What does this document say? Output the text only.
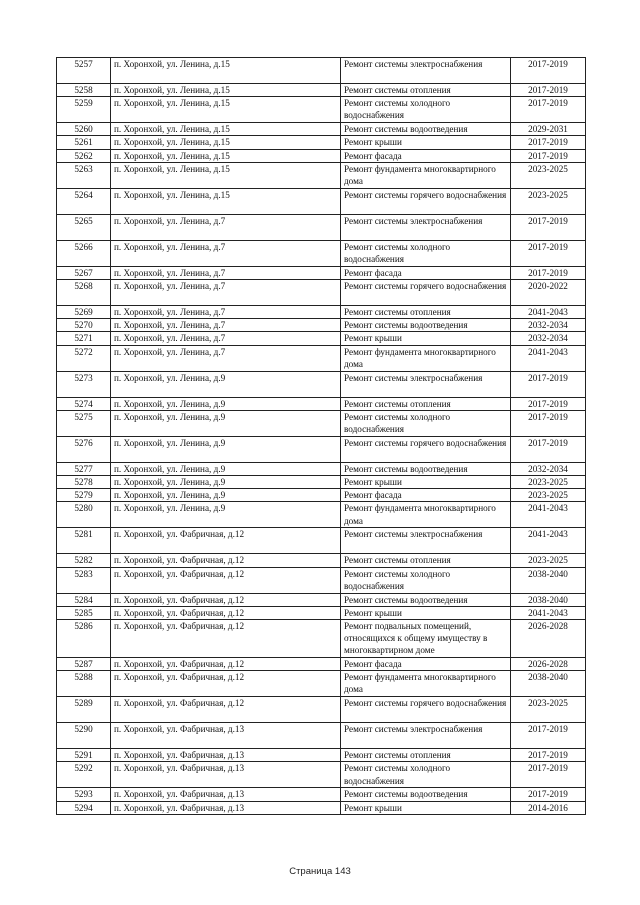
5257	п. Хоронхой, ул. Ленина, д.15	Ремонт системы электроснабжения	2017-2019
5258	п. Хоронхой, ул. Ленина, д.15	Ремонт системы отопления	2017-2019
5259	п. Хоронхой, ул. Ленина, д.15	Ремонт системы холодного водоснабжения	2017-2019
5260	п. Хоронхой, ул. Ленина, д.15	Ремонт системы водоотведения	2029-2031
5261	п. Хоронхой, ул. Ленина, д.15	Ремонт крыши	2017-2019
5262	п. Хоронхой, ул. Ленина, д.15	Ремонт фасада	2017-2019
5263	п. Хоронхой, ул. Ленина, д.15	Ремонт фундамента многоквартирного дома	2023-2025
5264	п. Хоронхой, ул. Ленина, д.15	Ремонт системы горячего водоснабжения	2023-2025
5265	п. Хоронхой, ул. Ленина, д.7	Ремонт системы электроснабжения	2017-2019
5266	п. Хоронхой, ул. Ленина, д.7	Ремонт системы холодного водоснабжения	2017-2019
5267	п. Хоронхой, ул. Ленина, д.7	Ремонт фасада	2017-2019
5268	п. Хоронхой, ул. Ленина, д.7	Ремонт системы горячего водоснабжения	2020-2022
5269	п. Хоронхой, ул. Ленина, д.7	Ремонт системы отопления	2041-2043
5270	п. Хоронхой, ул. Ленина, д.7	Ремонт системы водоотведения	2032-2034
5271	п. Хоронхой, ул. Ленина, д.7	Ремонт крыши	2032-2034
5272	п. Хоронхой, ул. Ленина, д.7	Ремонт фундамента многоквартирного дома	2041-2043
5273	п. Хоронхой, ул. Ленина, д.9	Ремонт системы электроснабжения	2017-2019
5274	п. Хоронхой, ул. Ленина, д.9	Ремонт системы отопления	2017-2019
5275	п. Хоронхой, ул. Ленина, д.9	Ремонт системы холодного водоснабжения	2017-2019
5276	п. Хоронхой, ул. Ленина, д.9	Ремонт системы горячего водоснабжения	2017-2019
5277	п. Хоронхой, ул. Ленина, д.9	Ремонт системы водоотведения	2032-2034
5278	п. Хоронхой, ул. Ленина, д.9	Ремонт крыши	2023-2025
5279	п. Хоронхой, ул. Ленина, д.9	Ремонт фасада	2023-2025
5280	п. Хоронхой, ул. Ленина, д.9	Ремонт фундамента многоквартирного дома	2041-2043
5281	п. Хоронхой, ул. Фабричная, д.12	Ремонт системы электроснабжения	2041-2043
5282	п. Хоронхой, ул. Фабричная, д.12	Ремонт системы отопления	2023-2025
5283	п. Хоронхой, ул. Фабричная, д.12	Ремонт системы холодного водоснабжения	2038-2040
5284	п. Хоронхой, ул. Фабричная, д.12	Ремонт системы водоотведения	2038-2040
5285	п. Хоронхой, ул. Фабричная, д.12	Ремонт крыши	2041-2043
5286	п. Хоронхой, ул. Фабричная, д.12	Ремонт подвальных помещений, относящихся к общему имуществу в многоквартирном доме	2026-2028
5287	п. Хоронхой, ул. Фабричная, д.12	Ремонт фасада	2026-2028
5288	п. Хоронхой, ул. Фабричная, д.12	Ремонт фундамента многоквартирного дома	2038-2040
5289	п. Хоронхой, ул. Фабричная, д.12	Ремонт системы горячего водоснабжения	2023-2025
5290	п. Хоронхой, ул. Фабричная, д.13	Ремонт системы электроснабжения	2017-2019
5291	п. Хоронхой, ул. Фабричная, д.13	Ремонт системы отопления	2017-2019
5292	п. Хоронхой, ул. Фабричная, д.13	Ремонт системы холодного водоснабжения	2017-2019
5293	п. Хоронхой, ул. Фабричная, д.13	Ремонт системы водоотведения	2017-2019
5294	п. Хоронхой, ул. Фабричная, д.13	Ремонт крыши	2014-2016
Страница 143
